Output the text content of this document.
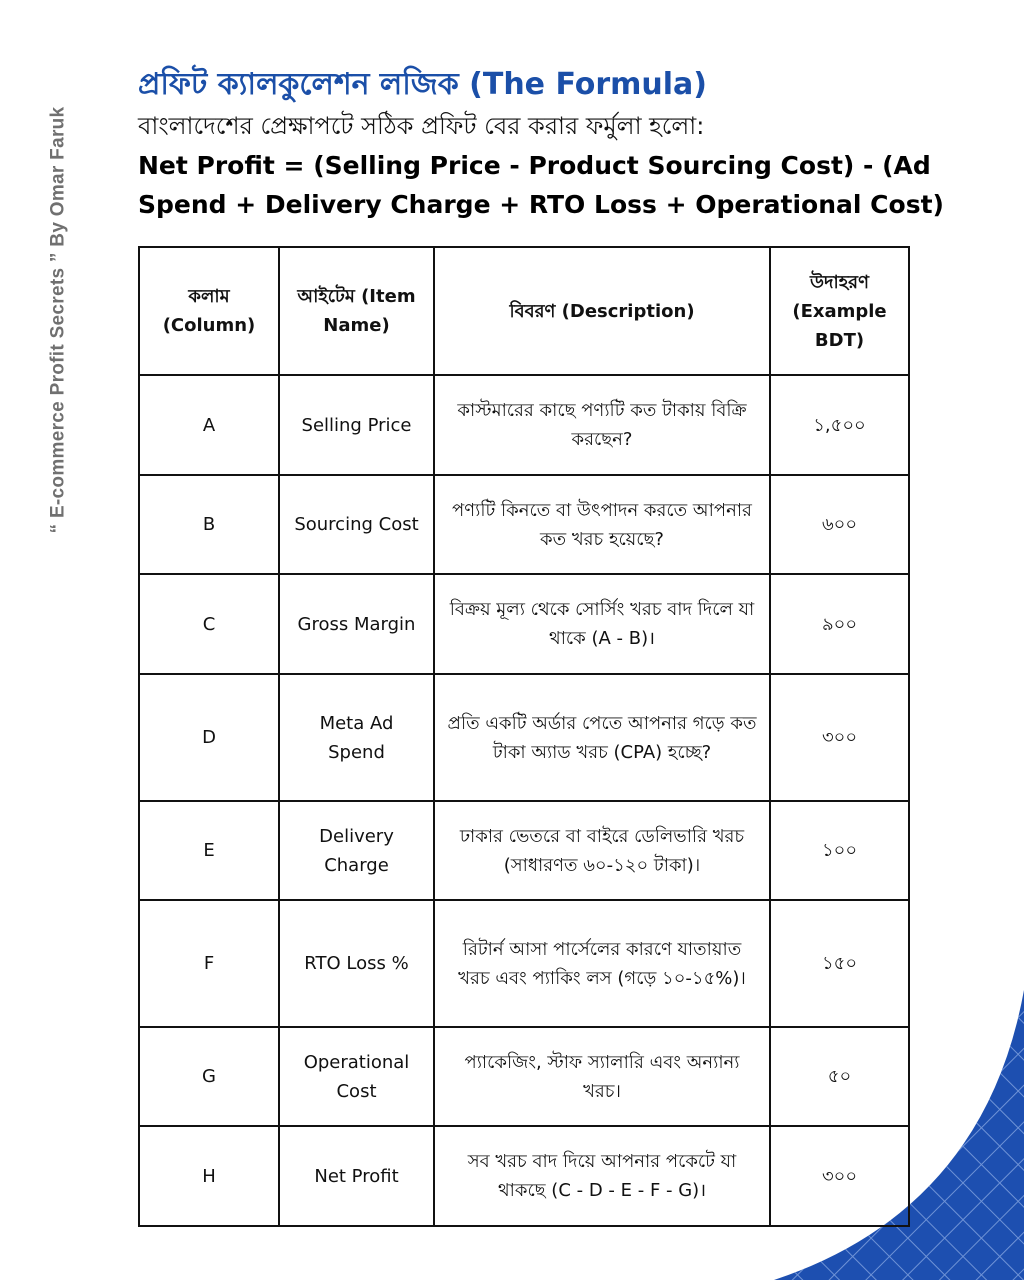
“ E-commerce Profit Secrets ” By Omar Faruk
প্রফিট ক্যালকুলেশন লজিক (The Formula)

বাংলাদেশের প্রেক্ষাপটে সঠিক প্রফিট বের করার ফর্মুলা হলো:

Net Profit = (Selling Price - Product Sourcing Cost) - (Ad Spend + Delivery Charge + RTO Loss + Operational Cost)

কলাম (Column)	আইটেম (Item Name)	বিবরণ (Description)	উদাহরণ (Example BDT)
A	Selling Price	কাস্টমারের কাছে পণ্যটি কত টাকায় বিক্রি করছেন?	১,৫০০
B	Sourcing Cost	পণ্যটি কিনতে বা উৎপাদন করতে আপনার কত খরচ হয়েছে?	৬০০
C	Gross Margin	বিক্রয় মূল্য থেকে সোর্সিং খরচ বাদ দিলে যা থাকে (A - B)।	৯০০
D	Meta Ad Spend	প্রতি একটি অর্ডার পেতে আপনার গড়ে কত টাকা অ্যাড খরচ (CPA) হচ্ছে?	৩০০
E	Delivery Charge	ঢাকার ভেতরে বা বাইরে ডেলিভারি খরচ (সাধারণত ৬০-১২০ টাকা)।	১০০
F	RTO Loss %	রিটার্ন আসা পার্সেলের কারণে যাতায়াত খরচ এবং প্যাকিং লস (গড়ে ১০-১৫%)।	১৫০
G	Operational Cost	প্যাকেজিং, স্টাফ স্যালারি এবং অন্যান্য খরচ।	৫০
H	Net Profit	সব খরচ বাদ দিয়ে আপনার পকেটে যা থাকছে (C - D - E - F - G)।	৩০০
